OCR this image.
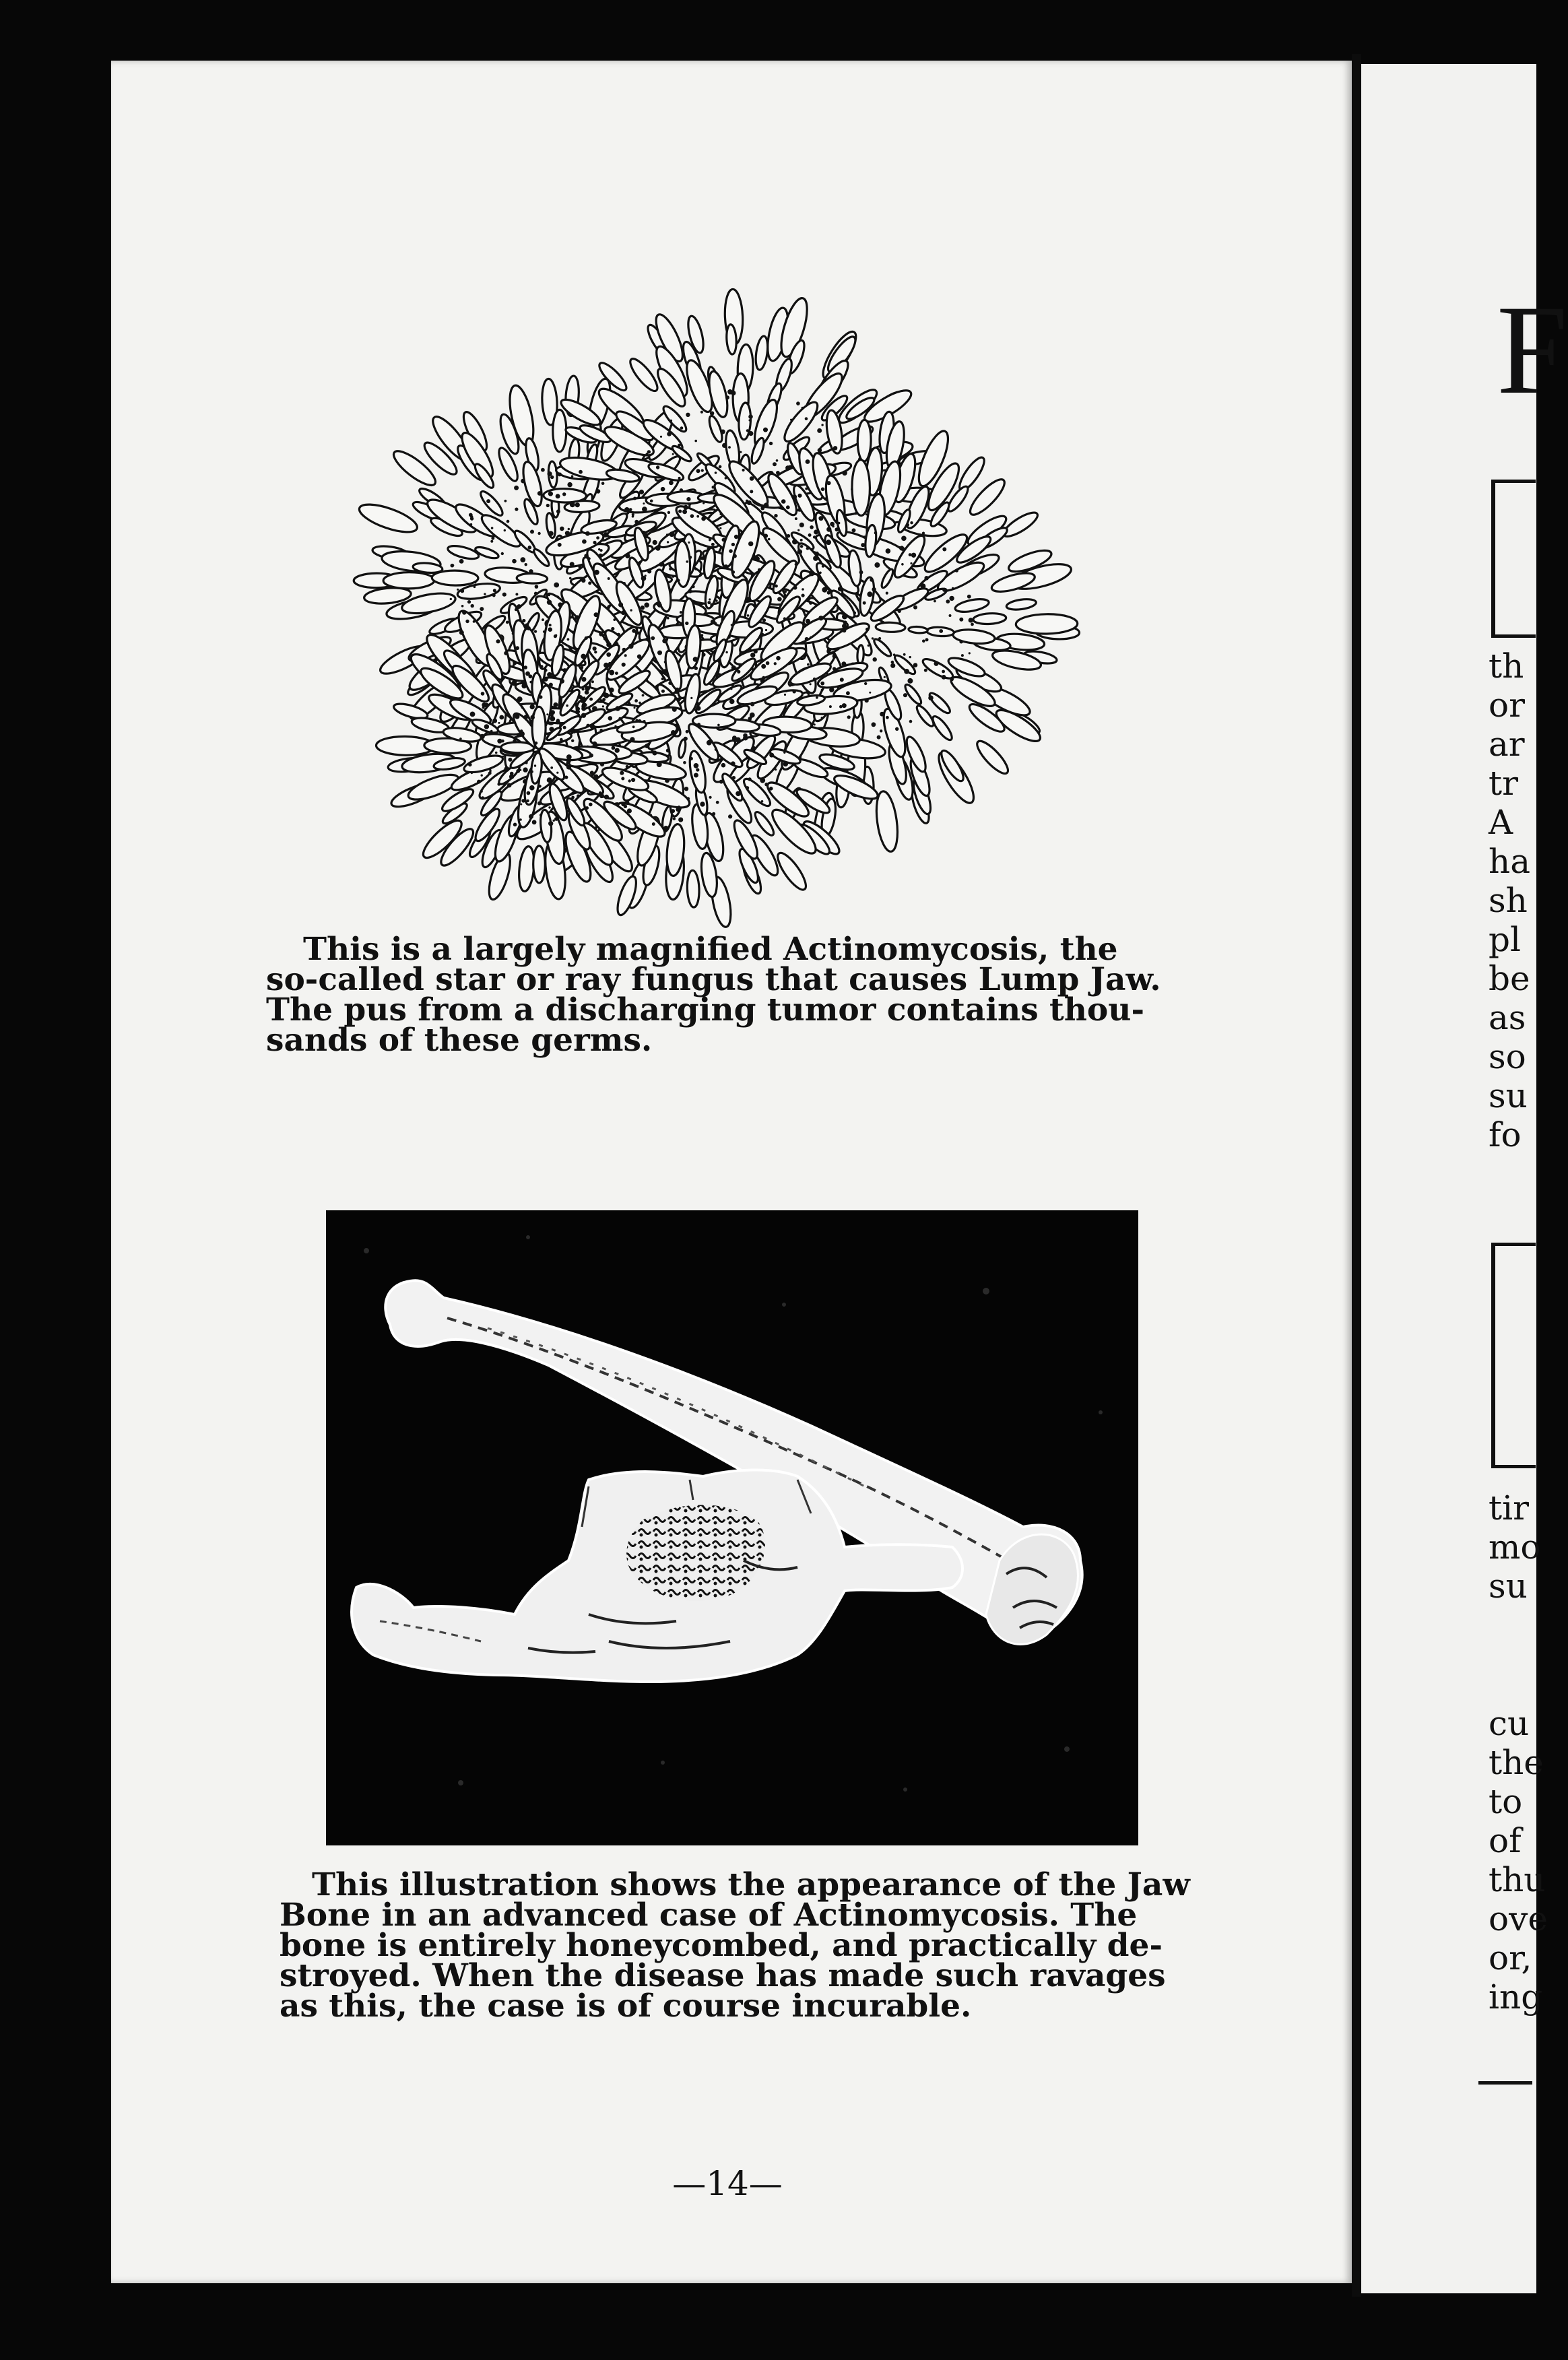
This is a largely magnified Actinomycosis, the
so-called star or ray fungus that causes Lump Jaw.
The pus from a discharging tumor contains thou-
sands of these germs.
This illustration shows the appearance of the Jaw
Bone in an advanced case of Actinomycosis. The
bone is entirely honeycombed, and practically de-
stroyed. When the disease has made such ravages
as this, the case is of course incurable.
—14—
F
th
or
ar
tr
A
ha
sh
pl
be
as
so
su
fo
tir
mo
su
cu
the
to
of
thu
ove
or,
ing
